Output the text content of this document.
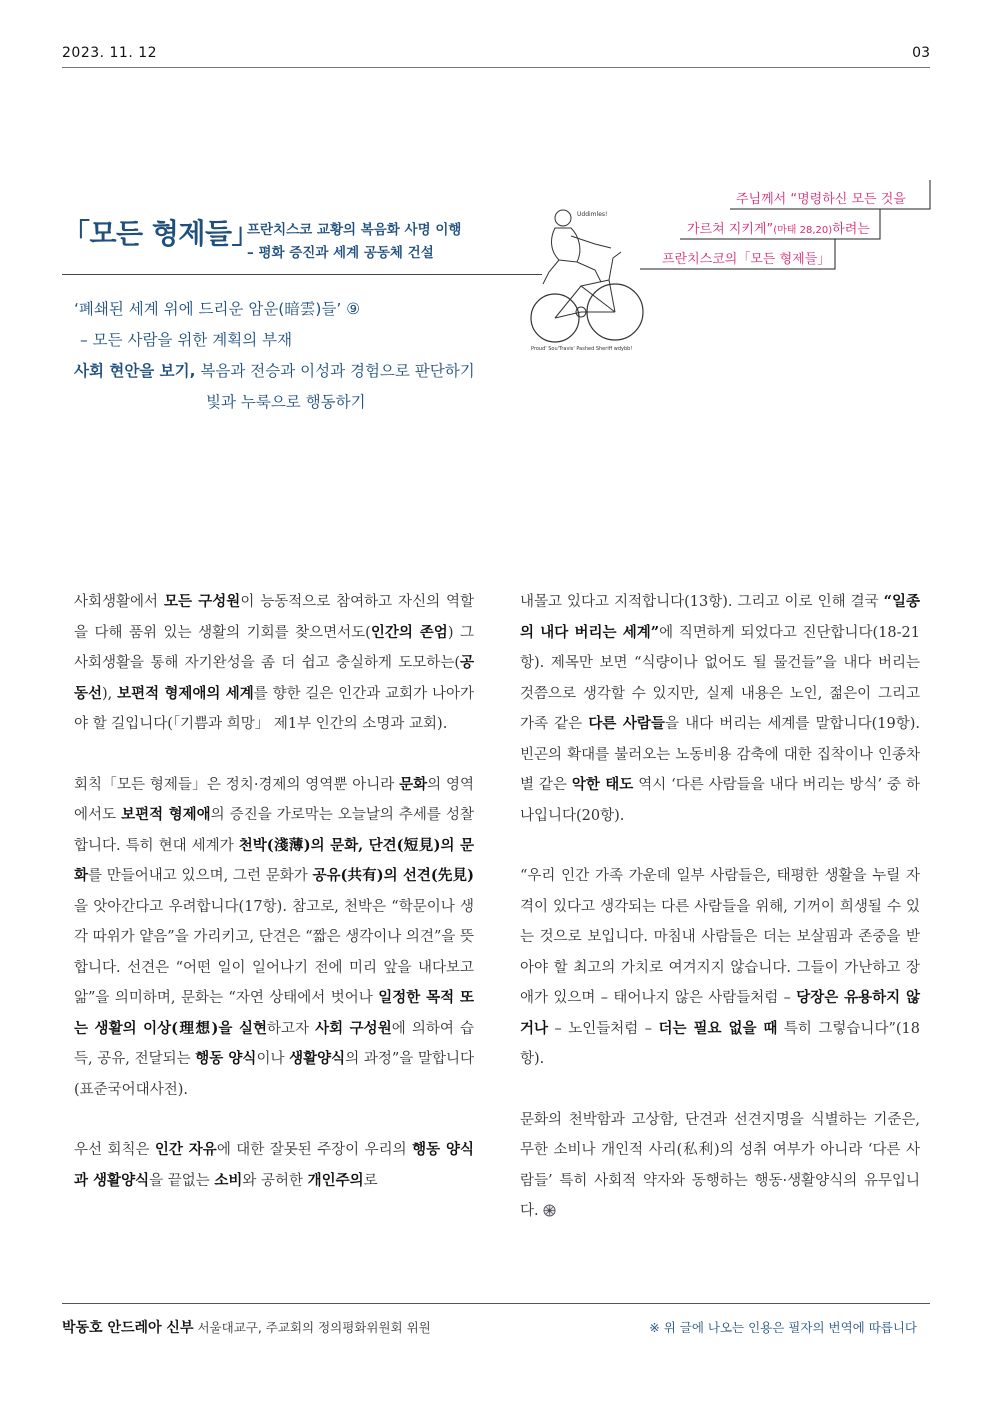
2023. 11. 12	03
「모든 형제들」
프란치스코 교황의 복음화 사명 이행
– 평화 증진과 세계 공동체 건설
주님께서 “명령하신 모든 것을
가르쳐 지키게”(마태 28,20)하려는
프란치스코의「모든 형제들」
Uddimles!
Proud' Sou'Travis' Pashed Sheriff wdybb!
‘폐쇄된 세계 위에 드리운 암운(暗雲)들’ ⑨
– 모든 사람을 위한 계획의 부재
사회 현안을 보기, 복음과 전승과 이성과 경험으로 판단하기
빛과 누룩으로 행동하기

사회생활에서 모든 구성원이 능동적으로 참여하고 자신의 역할을 다해 품위 있는 생활의 기회를 찾으면서도(인간의 존엄) 그 사회생활을 통해 자기완성을 좀 더 쉽고 충실하게 도모하는(공동선), 보편적 형제애의 세계를 향한 길은 인간과 교회가 나아가야 할 길입니다(「기쁨과 희망」 제1부 인간의 소명과 교회).

회칙「모든 형제들」은 정치·경제의 영역뿐 아니라 문화의 영역에서도 보편적 형제애의 증진을 가로막는 오늘날의 추세를 성찰합니다. 특히 현대 세계가 천박(淺薄)의 문화, 단견(短見)의 문화를 만들어내고 있으며, 그런 문화가 공유(共有)의 선견(先見)을 앗아간다고 우려합니다(17항). 참고로, 천박은 “학문이나 생각 따위가 얕음”을 가리키고, 단견은 “짧은 생각이나 의견”을 뜻합니다. 선견은 “어떤 일이 일어나기 전에 미리 앞을 내다보고 앎”을 의미하며, 문화는 “자연 상태에서 벗어나 일정한 목적 또는 생활의 이상(理想)을 실현하고자 사회 구성원에 의하여 습득, 공유, 전달되는 행동 양식이나 생활양식의 과정”을 말합니다(표준국어대사전).

우선 회칙은 인간 자유에 대한 잘못된 주장이 우리의 행동 양식과 생활양식을 끝없는 소비와 공허한 개인주의로

내몰고 있다고 지적합니다(13항). 그리고 이로 인해 결국 “일종의 내다 버리는 세계”에 직면하게 되었다고 진단합니다(18-21항). 제목만 보면 “식량이나 없어도 될 물건들”을 내다 버리는 것쯤으로 생각할 수 있지만, 실제 내용은 노인, 젊은이 그리고 가족 같은 다른 사람들을 내다 버리는 세계를 말합니다(19항). 빈곤의 확대를 불러오는 노동비용 감축에 대한 집착이나 인종차별 같은 악한 태도 역시 ‘다른 사람들을 내다 버리는 방식’ 중 하나입니다(20항).

“우리 인간 가족 가운데 일부 사람들은, 태평한 생활을 누릴 자격이 있다고 생각되는 다른 사람들을 위해, 기꺼이 희생될 수 있는 것으로 보입니다. 마침내 사람들은 더는 보살핌과 존중을 받아야 할 최고의 가치로 여겨지지 않습니다. 그들이 가난하고 장애가 있으며 – 태어나지 않은 사람들처럼 – 당장은 유용하지 않거나 – 노인들처럼 – 더는 필요 없을 때 특히 그렇습니다”(18항).

문화의 천박함과 고상함, 단견과 선견지명을 식별하는 기준은, 무한 소비나 개인적 사리(私利)의 성취 여부가 아니라 ‘다른 사람들’ 특히 사회적 약자와 동행하는 행동·생활양식의 유무입니다.

박동호 안드레아 신부 서울대교구, 주교회의 정의평화위원회 위원	※ 위 글에 나오는 인용은 필자의 번역에 따릅니다
